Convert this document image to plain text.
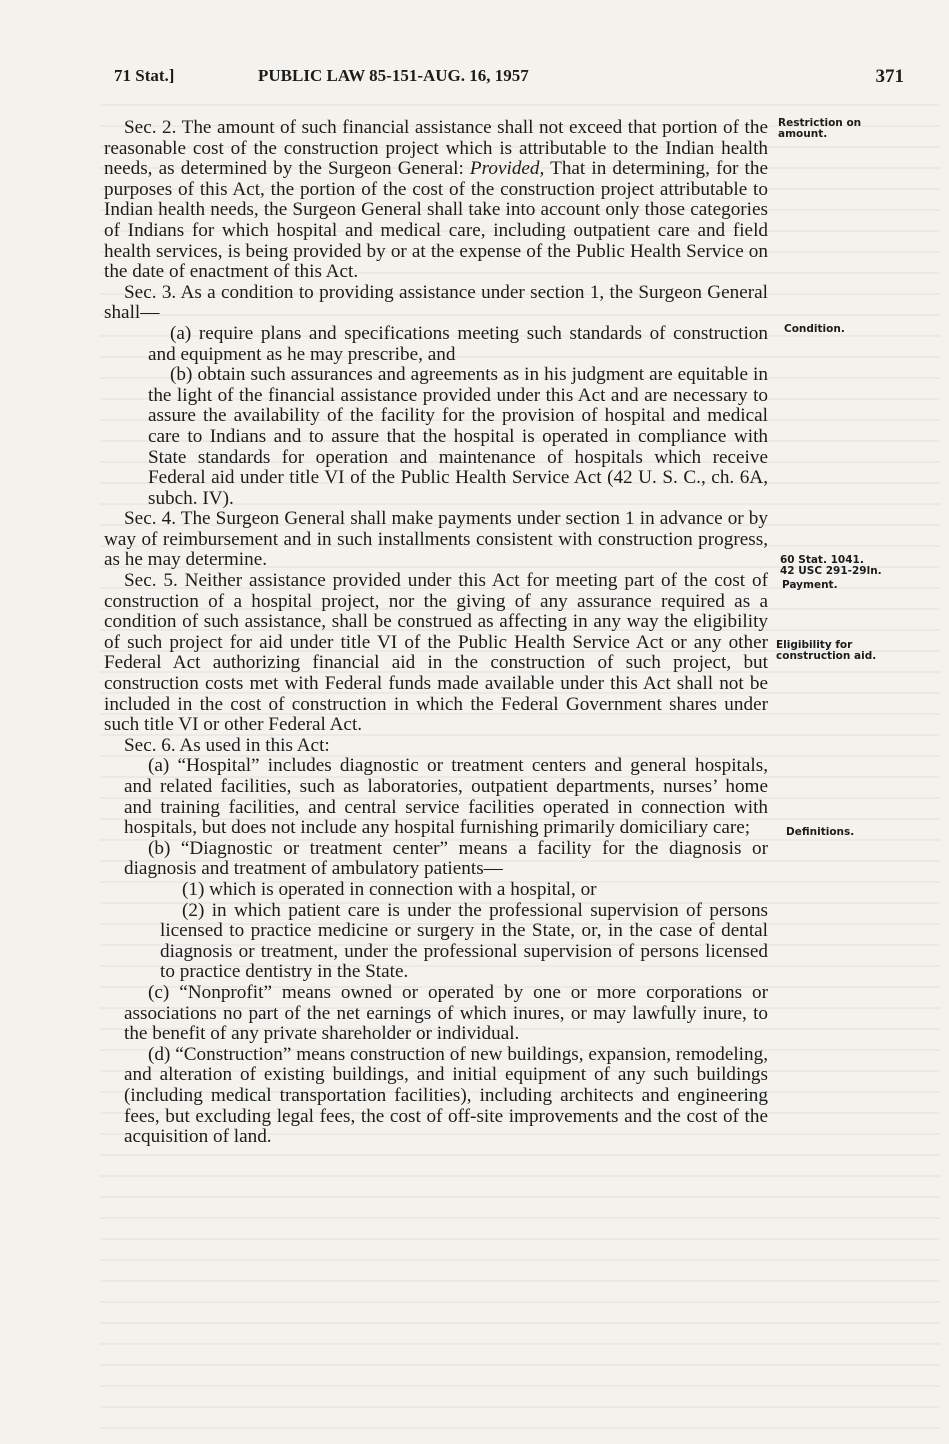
71 Stat.]	PUBLIC LAW 85-151-AUG. 16, 1957	371

Sec. 2. The amount of such financial assistance shall not exceed that portion of the reasonable cost of the construction project which is attributable to the Indian health needs, as determined by the Surgeon General: Provided, That in determining, for the purposes of this Act, the portion of the cost of the construction project attributable to Indian health needs, the Surgeon General shall take into account only those categories of Indians for which hospital and medical care, including outpatient care and field health services, is being provided by or at the expense of the Public Health Service on the date of enactment of this Act.

Sec. 3. As a condition to providing assistance under section 1, the Surgeon General shall—

(a) require plans and specifications meeting such standards of construction and equipment as he may prescribe, and

(b) obtain such assurances and agreements as in his judgment are equitable in the light of the financial assistance provided under this Act and are necessary to assure the availability of the facility for the provision of hospital and medical care to Indians and to assure that the hospital is operated in compliance with State standards for operation and maintenance of hospitals which receive Federal aid under title VI of the Public Health Service Act (42 U. S. C., ch. 6A, subch. IV).

Sec. 4. The Surgeon General shall make payments under section 1 in advance or by way of reimbursement and in such installments consistent with construction progress, as he may determine.

Sec. 5. Neither assistance provided under this Act for meeting part of the cost of construction of a hospital project, nor the giving of any assurance required as a condition of such assistance, shall be construed as affecting in any way the eligibility of such project for aid under title VI of the Public Health Service Act or any other Federal Act authorizing financial aid in the construction of such project, but construction costs met with Federal funds made available under this Act shall not be included in the cost of construction in which the Federal Government shares under such title VI or other Federal Act.

Sec. 6. As used in this Act:

(a) “Hospital” includes diagnostic or treatment centers and general hospitals, and related facilities, such as laboratories, outpatient departments, nurses’ home and training facilities, and central service facilities operated in connection with hospitals, but does not include any hospital furnishing primarily domiciliary care;

(b) “Diagnostic or treatment center” means a facility for the diagnosis or diagnosis and treatment of ambulatory patients—

(1) which is operated in connection with a hospital, or

(2) in which patient care is under the professional supervision of persons licensed to practice medicine or surgery in the State, or, in the case of dental diagnosis or treatment, under the professional supervision of persons licensed to practice dentistry in the State.

(c) “Nonprofit” means owned or operated by one or more corporations or associations no part of the net earnings of which inures, or may lawfully inure, to the benefit of any private shareholder or individual.

(d) “Construction” means construction of new buildings, expansion, remodeling, and alteration of existing buildings, and initial equipment of any such buildings (including medical transportation facilities), including architects and engineering fees, but excluding legal fees, the cost of off-site improvements and the cost of the acquisition of land.

Restriction on
amount.
Condition.
60 Stat. 1041.
42 USC 291-29ln.
Payment.
Eligibility for
construction aid.
Definitions.
